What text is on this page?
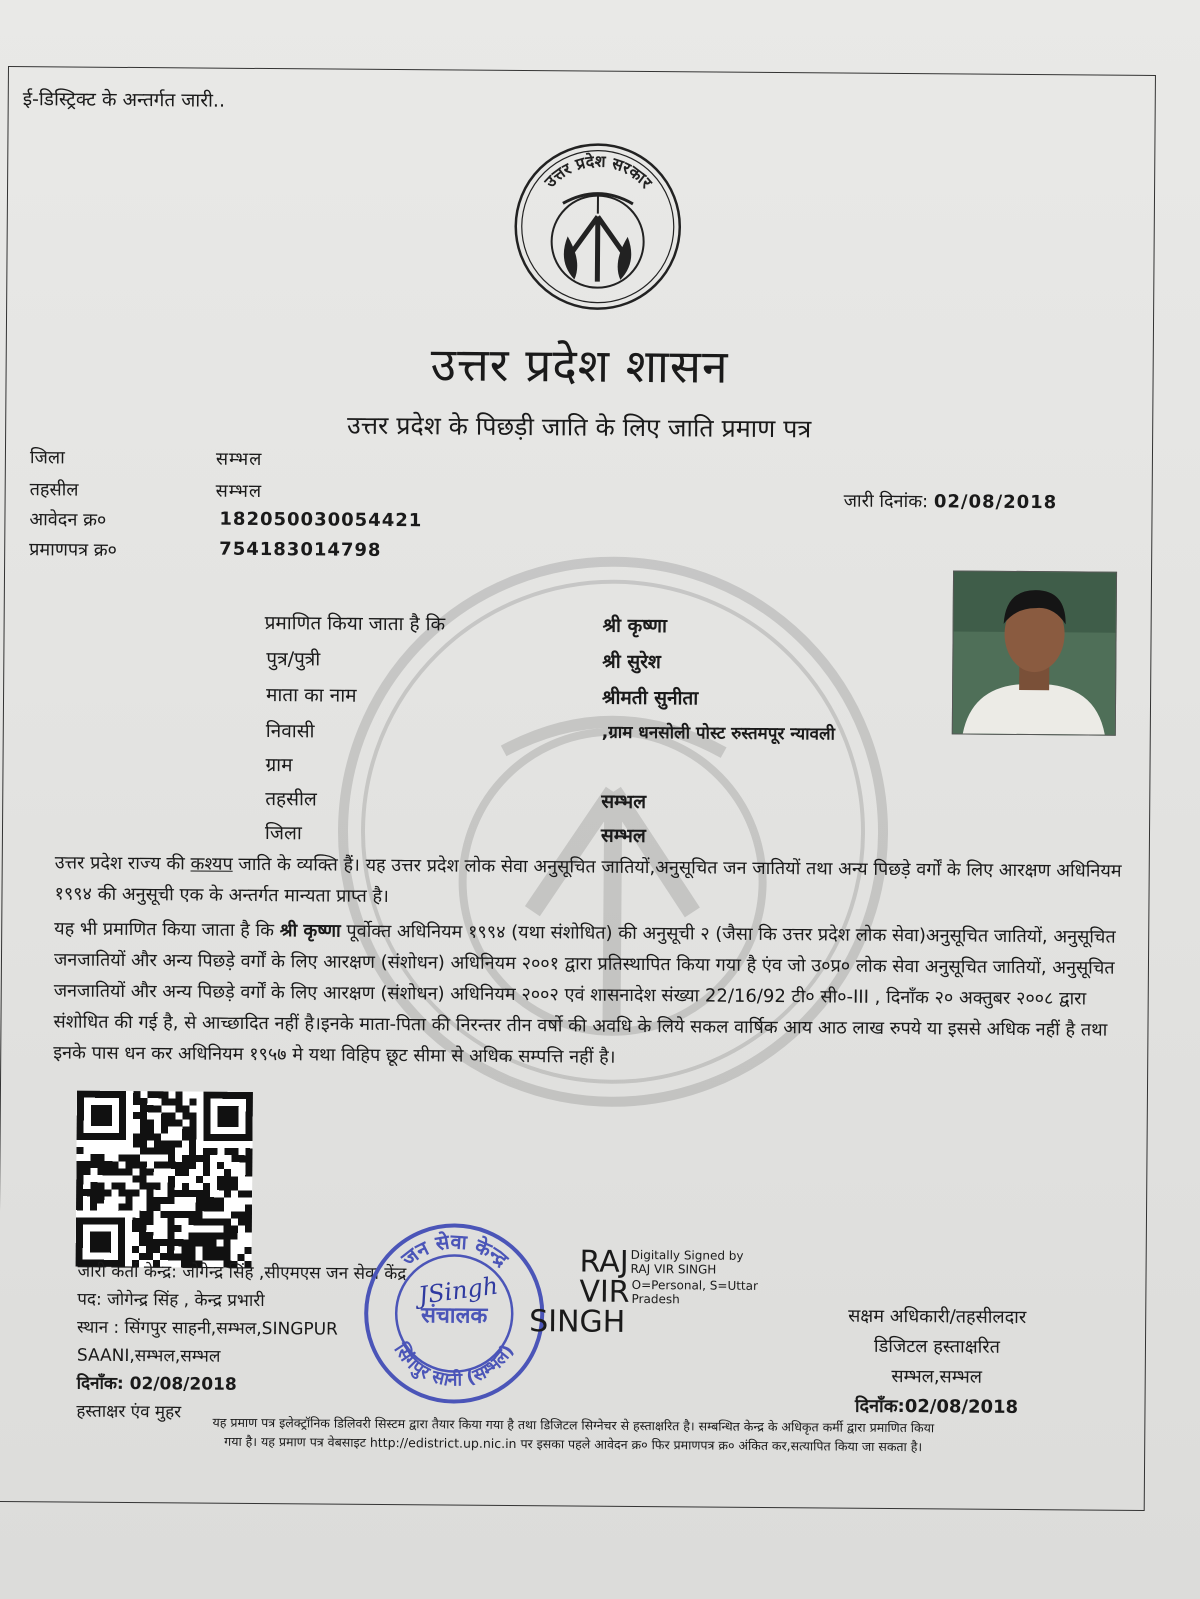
ई-डिस्ट्रिक्ट के अन्तर्गत जारी..
उत्तर प्रदेश सरकार
उत्तर प्रदेश शासन
उत्तर प्रदेश के पिछड़ी जाति के लिए जाति प्रमाण पत्र
जिला	सम्भल
तहसील	सम्भल
आवेदन क्र०	182050030054421
प्रमाणपत्र क्र०	754183014798
जारी दिनांक: 02/08/2018
प्रमाणित किया जाता है कि	श्री कृष्णा
पुत्र/पुत्री	श्री सुरेश
माता का नाम	श्रीमती सुनीता
निवासी	,ग्राम धनसोली पोस्ट रुस्तमपूर न्यावली
ग्राम
तहसील	सम्भल
जिला	सम्भल
उत्तर प्रदेश राज्य की कश्यप जाति के व्यक्ति हैं। यह उत्तर प्रदेश लोक सेवा अनुसूचित जातियों,अनुसूचित जन जातियों तथा अन्य पिछड़े वर्गों के लिए आरक्षण अधिनियम १९९४ की अनुसूची एक के अन्तर्गत मान्यता प्राप्त है।
यह भी प्रमाणित किया जाता है कि श्री कृष्णा पूर्वोक्त अधिनियम १९९४ (यथा संशोधित) की अनुसूची २ (जैसा कि उत्तर प्रदेश लोक सेवा)अनुसूचित जातियों, अनुसूचित जनजातियों और अन्य पिछड़े वर्गों के लिए आरक्षण (संशोधन) अधिनियम २००१ द्वारा प्रतिस्थापित किया गया है एंव जो उ०प्र० लोक सेवा अनुसूचित जातियों, अनुसूचित जनजातियों और अन्य पिछड़े वर्गों के लिए आरक्षण (संशोधन) अधिनियम २००२ एवं शासनादेश संख्या 22/16/92 टी० सी०-III , दिनाँक २० अक्तुबर २००८ द्वारा संशोधित की गई है, से आच्छादित नहीं है।इनके माता-पिता की निरन्तर तीन वर्षो की अवधि के लिये सकल वार्षिक आय आठ लाख रुपये या इससे अधिक नहीं है तथा इनके पास धन कर अधिनियम १९५७ मे यथा विहिप छूट सीमा से अधिक सम्पत्ति नहीं है।
जारी कर्ता केन्द्र: जोगेन्द्र सिंह ,सीएमएस जन सेवा केंद्र
पद: जोगेन्द्र सिंह , केन्द्र प्रभारी
स्थान : सिंगपुर साहनी,सम्भल,SINGPUR
SAANI,सम्भल,सम्भल
दिनाँक: 02/08/2018
हस्ताक्षर एंव मुहर
जन सेवा केन्द्र
संचालक
सिंगपुर सानी (सम्भल)
JSingh
RAJ Digitally Signed by
RAJ VIR SINGH
VIR O=Personal, S=Uttar
Pradesh
SINGH	सक्षम अधिकारी/तहसीलदार
डिजिटल हस्ताक्षरित
सम्भल,सम्भल
दिनाँक:02/08/2018
यह प्रमाण पत्र इलेक्ट्रॉनिक डिलिवरी सिस्टम द्वारा तैयार किया गया है तथा डिजिटल सिग्नेचर से हस्ताक्षरित है। सम्बन्धित केन्द्र के अधिकृत कर्मी द्वारा प्रमाणित किया
गया है। यह प्रमाण पत्र वेबसाइट http://edistrict.up.nic.in पर इसका पहले आवेदन क्र० फिर प्रमाणपत्र क्र० अंकित कर,सत्यापित किया जा सकता है।
